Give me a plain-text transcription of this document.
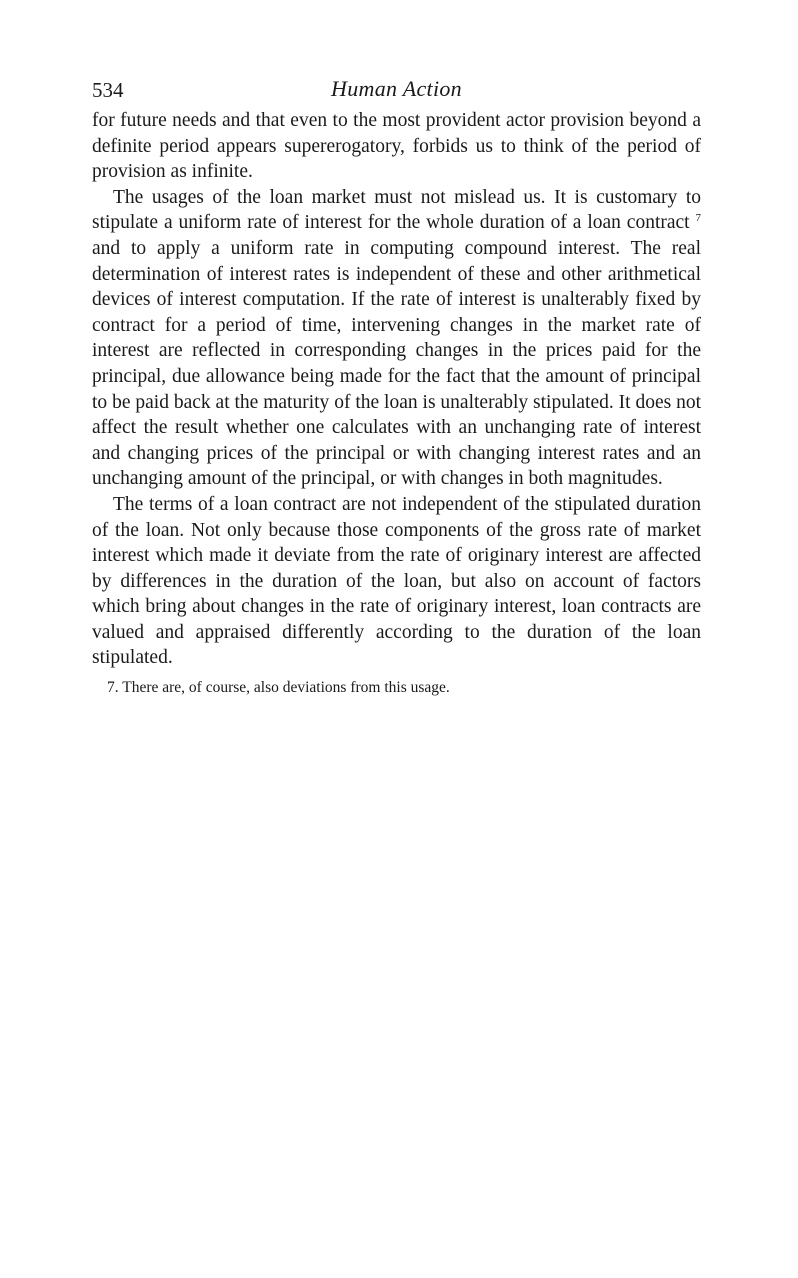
534	Human Action

for future needs and that even to the most provident actor provision beyond a definite period appears supererogatory, forbids us to think of the period of provision as infinite.

The usages of the loan market must not mislead us. It is customary to stipulate a uniform rate of interest for the whole duration of a loan contract $^7$ and to apply a uniform rate in computing compound interest. The real determination of interest rates is independent of these and other arithmetical devices of interest computation. If the rate of interest is unalterably fixed by contract for a period of time, intervening changes in the market rate of interest are reflected in corresponding changes in the prices paid for the principal, due allowance being made for the fact that the amount of principal to be paid back at the maturity of the loan is unalterably stipulated. It does not affect the result whether one calculates with an unchanging rate of interest and changing prices of the principal or with changing interest rates and an unchanging amount of the principal, or with changes in both magnitudes.

The terms of a loan contract are not independent of the stipulated duration of the loan. Not only because those components of the gross rate of market interest which made it deviate from the rate of originary interest are affected by differences in the duration of the loan, but also on account of factors which bring about changes in the rate of originary interest, loan contracts are valued and appraised differently according to the duration of the loan stipulated.

7. There are, of course, also deviations from this usage.
